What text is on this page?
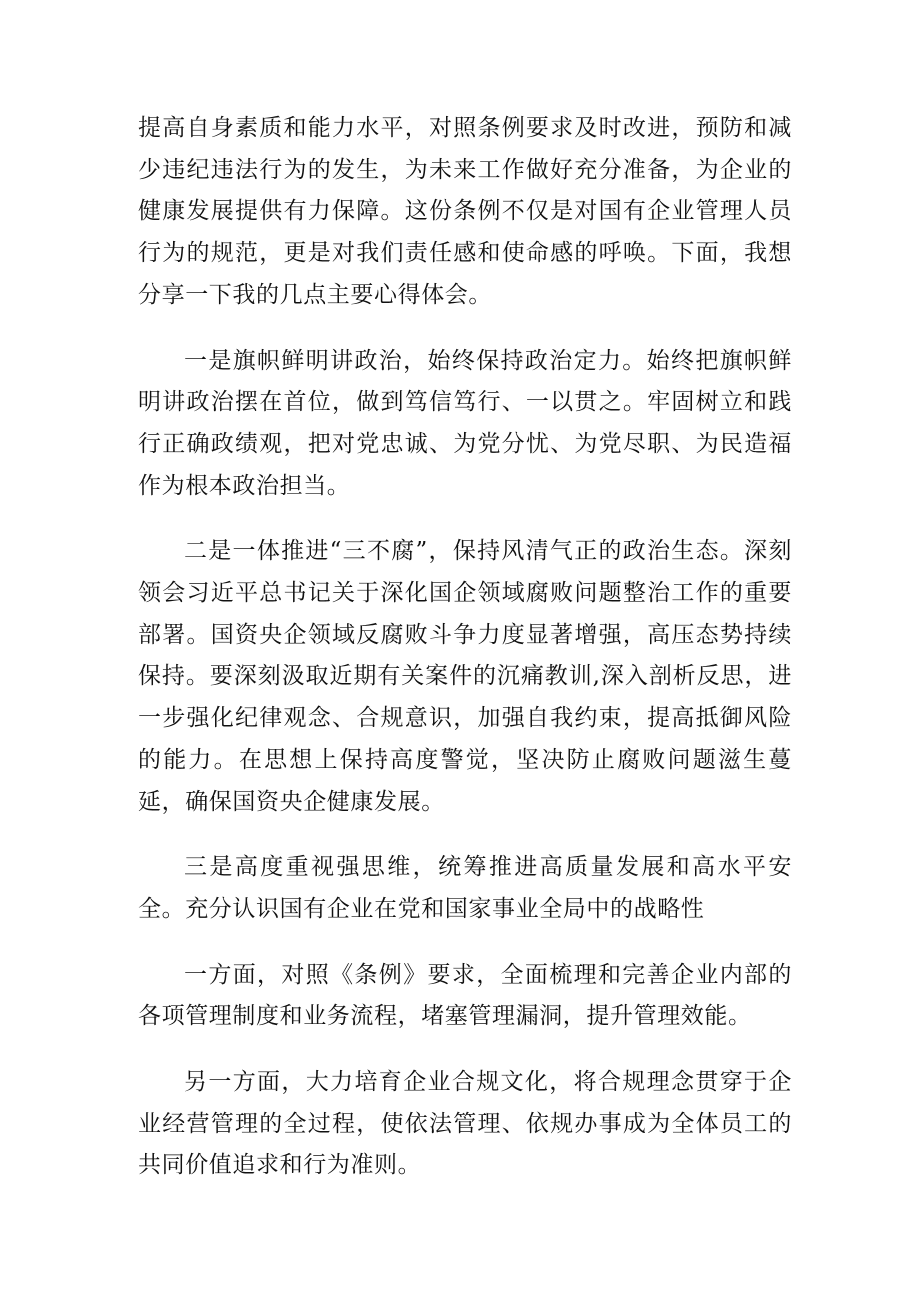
提高自身素质和能力水平，对照条例要求及时改进，预防和减少违纪违法行为的发生，为未来工作做好充分准备，为企业的健康发展提供有力保障。这份条例不仅是对国有企业管理人员行为的规范，更是对我们责任感和使命感的呼唤。下面，我想分享一下我的几点主要心得体会。

一是旗帜鲜明讲政治，始终保持政治定力。始终把旗帜鲜明讲政治摆在首位，做到笃信笃行、一以贯之。牢固树立和践行正确政绩观，把对党忠诚、为党分忧、为党尽职、为民造福作为根本政治担当。

二是一体推进“三不腐”，保持风清气正的政治生态。深刻领会习近平总书记关于深化国企领域腐败问题整治工作的重要部署。国资央企领域反腐败斗争力度显著增强，高压态势持续保持。要深刻汲取近期有关案件的沉痛教训,深入剖析反思，进一步强化纪律观念、合规意识，加强自我约束，提高抵御风险的能力。在思想上保持高度警觉，坚决防止腐败问题滋生蔓延，确保国资央企健康发展。

三是高度重视强思维，统筹推进高质量发展和高水平安全。充分认识国有企业在党和国家事业全局中的战略性

一方面，对照《条例》要求，全面梳理和完善企业内部的各项管理制度和业务流程，堵塞管理漏洞，提升管理效能。

另一方面，大力培育企业合规文化，将合规理念贯穿于企业经营管理的全过程，使依法管理、依规办事成为全体员工的共同价值追求和行为准则。
